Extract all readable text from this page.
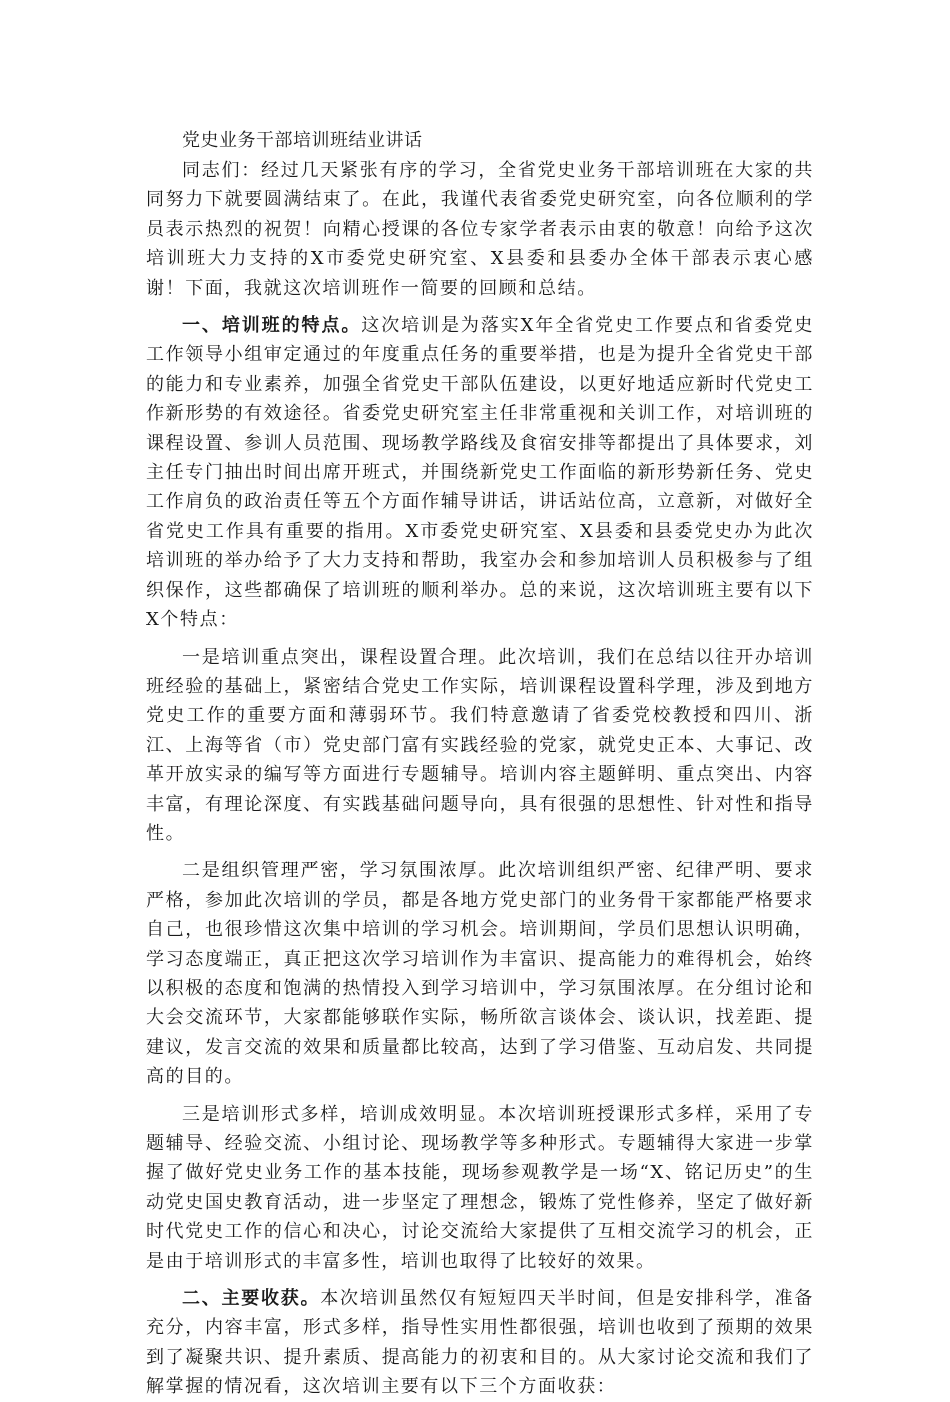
党史业务干部培训班结业讲话

同志们：经过几天紧张有序的学习，全省党史业务干部培训班在大家的共同努力下就要圆满结束了。在此，我谨代表省委党史研究室，向各位顺利的学员表示热烈的祝贺！向精心授课的各位专家学者表示由衷的敬意！向给予这次培训班大力支持的X市委党史研究室、X县委和县委办全体干部表示衷心感谢！下面，我就这次培训班作一简要的回顾和总结。

一、培训班的特点。这次培训是为落实X年全省党史工作要点和省委党史工作领导小组审定通过的年度重点任务的重要举措，也是为提升全省党史干部的能力和专业素养，加强全省党史干部队伍建设，以更好地适应新时代党史工作新形势的有效途径。省委党史研究室主任非常重视和关训工作，对培训班的课程设置、参训人员范围、现场教学路线及食宿安排等都提出了具体要求，刘主任专门抽出时间出席开班式，并围绕新党史工作面临的新形势新任务、党史工作肩负的政治责任等五个方面作辅导讲话，讲话站位高，立意新，对做好全省党史工作具有重要的指用。X市委党史研究室、X县委和县委党史办为此次培训班的举办给予了大力支持和帮助，我室办会和参加培训人员积极参与了组织保作，这些都确保了培训班的顺利举办。总的来说，这次培训班主要有以下X个特点：

一是培训重点突出，课程设置合理。此次培训，我们在总结以往开办培训班经验的基础上，紧密结合党史工作实际，培训课程设置科学理，涉及到地方党史工作的重要方面和薄弱环节。我们特意邀请了省委党校教授和四川、浙江、上海等省（市）党史部门富有实践经验的党家，就党史正本、大事记、改革开放实录的编写等方面进行专题辅导。培训内容主题鲜明、重点突出、内容丰富，有理论深度、有实践基础问题导向，具有很强的思想性、针对性和指导性。

二是组织管理严密，学习氛围浓厚。此次培训组织严密、纪律严明、要求严格，参加此次培训的学员，都是各地方党史部门的业务骨干家都能严格要求自己，也很珍惜这次集中培训的学习机会。培训期间，学员们思想认识明确，学习态度端正，真正把这次学习培训作为丰富识、提高能力的难得机会，始终以积极的态度和饱满的热情投入到学习培训中，学习氛围浓厚。在分组讨论和大会交流环节，大家都能够联作实际，畅所欲言谈体会、谈认识，找差距、提建议，发言交流的效果和质量都比较高，达到了学习借鉴、互动启发、共同提高的目的。

三是培训形式多样，培训成效明显。本次培训班授课形式多样，采用了专题辅导、经验交流、小组讨论、现场教学等多种形式。专题辅得大家进一步掌握了做好党史业务工作的基本技能，现场参观教学是一场“X、铭记历史”的生动党史国史教育活动，进一步坚定了理想念，锻炼了党性修养，坚定了做好新时代党史工作的信心和决心，讨论交流给大家提供了互相交流学习的机会，正是由于培训形式的丰富多性，培训也取得了比较好的效果。

二、主要收获。本次培训虽然仅有短短四天半时间，但是安排科学，准备充分，内容丰富，形式多样，指导性实用性都很强，培训也收到了预期的效果到了凝聚共识、提升素质、提高能力的初衷和目的。从大家讨论交流和我们了解掌握的情况看，这次培训主要有以下三个方面收获：
